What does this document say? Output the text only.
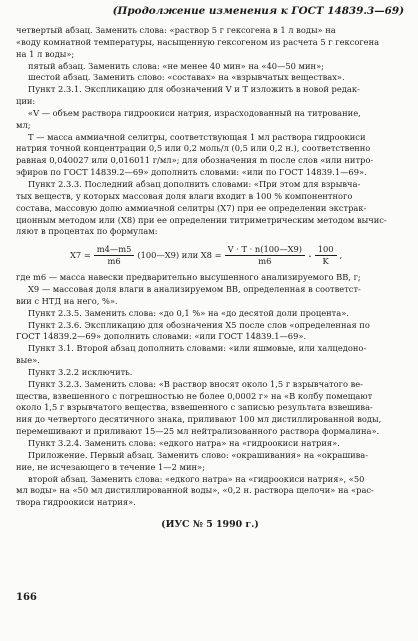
(Продолжение изменения к ГОСТ 14839.3—69)

четвертый абзац. Заменить слова: «раствор 5 г гексогена в 1 л воды» на
«воду комнатной температуры, насыщенную гексогеном из расчета 5 г гексогена
на 1 л воды»;

пятый абзац. Заменить слова: «не менее 40 мин» на «40—50 мин»;

шестой абзац. Заменить слово: «составах» на «взрывчатых веществах».

Пункт 2.3.1. Экспликацию для обозначений V и T изложить в новой редак-
ции:

«V — объем раствора гидроокиси натрия, израсходованный на титрование,
мл;

T — масса аммиачной селитры, соответствующая 1 мл раствора гидроокиси
натрия точной концентрации 0,5 или 0,2 моль/л (0,5 или 0,2 н.), соответственно
равная 0,040027 или 0,016011 г/мл»; для обозначения m после слов «или нитро-
эфиров по ГОСТ 14839.2—69» дополнить словами: «или по ГОСТ 14839.1—69».

Пункт 2.3.3. Последний абзац дополнить словами: «При этом для взрывча-
тых веществ, у которых массовая доля влаги входит в 100 % компонентного
состава, массовую долю аммиачной селитры (X7) при ее определении экстрак-
ционным методом или (X8) при ее определении титриметрическим методом вычис-
ляют в процентах по формулам:

$X7 = \frac{m4—m5}{m6}$ (100—X9) или $X8 = \frac{V \cdot T \cdot n(100—X9)}{m6} \cdot \frac{100}{K}$ ,

где m6 — масса навески предварительно высушенного анализируемого ВВ, г;

X9 — массовая доля влаги в анализируемом ВВ, определенная в соответст-
вии с НТД на него, %».

Пункт 2.3.5. Заменить слова: «до 0,1 %» на «до десятой доли процента».

Пункт 2.3.6. Экспликацию для обозначения X5 после слов «определенная по
ГОСТ 14839.2—69» дополнить словами: «или ГОСТ 14839.1—69».

Пункт 3.1. Второй абзац дополнить словами: «или яшмовые, или халцедоно-
вые».

Пункт 3.2.2 исключить.

Пункт 3.2.3. Заменить слова: «В раствор вносят около 1,5 г взрывчатого ве-
щества, взвешенного с погрешностью не более 0,0002 г» на «В колбу помещают
около 1,5 г взрывчатого вещества, взвешенного с записью результата взвешива-
ния до четвертого десятичного знака, приливают 100 мл дистиллированной воды,
перемешивают и приливают 15—25 мл нейтрализованного раствора формалина».

Пункт 3.2.4. Заменить слова: «едкого натра» на «гидроокиси натрия».

Приложение. Первый абзац. Заменить слово: «окрашивания» на «окрашива-
ние, не исчезающего в течение 1—2 мин»;

второй абзац. Заменить слова: «едкого натра» на «гидроокиси натрия», «50
мл воды» на «50 мл дистиллированной воды», «0,2 н. раствора щелочи» на «рас-
твора гидроокиси натрия».

(ИУС № 5 1990 г.)
166
